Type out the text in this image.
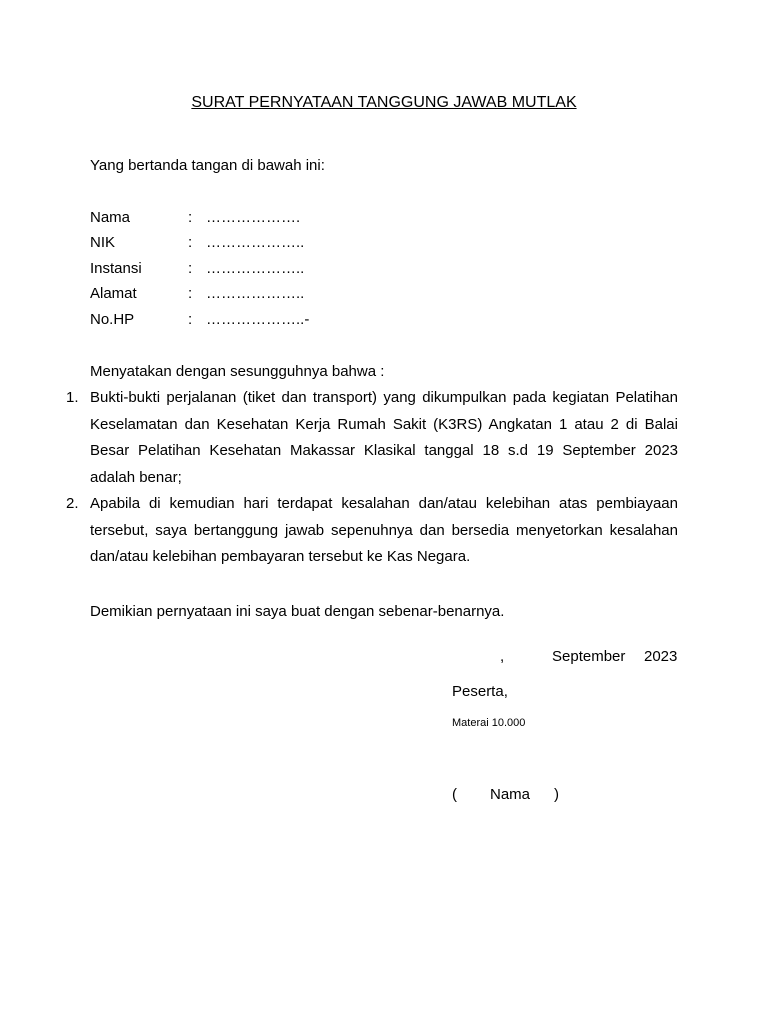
SURAT PERNYATAAN TANGGUNG JAWAB MUTLAK
Yang bertanda tangan di bawah ini:
Nama	: ……………….
NIK	: ………………..
Instansi	: ………………..
Alamat	: ………………..
No.HP	: ………………..-
Menyatakan dengan sesungguhnya bahwa :
1. Bukti-bukti perjalanan (tiket dan transport) yang dikumpulkan pada kegiatan Pelatihan Keselamatan dan Kesehatan Kerja Rumah Sakit (K3RS) Angkatan 1 atau 2 di Balai Besar Pelatihan Kesehatan Makassar Klasikal tanggal 18 s.d 19 September 2023 adalah benar;
2. Apabila di kemudian hari terdapat kesalahan dan/atau kelebihan atas pembiayaan tersebut, saya bertanggung jawab sepenuhnya dan bersedia menyetorkan kesalahan dan/atau kelebihan pembayaran tersebut ke Kas Negara.
Demikian pernyataan ini saya buat dengan sebenar-benarnya.
,	September 2023
Peserta,
Materai 10.000
( Nama )
